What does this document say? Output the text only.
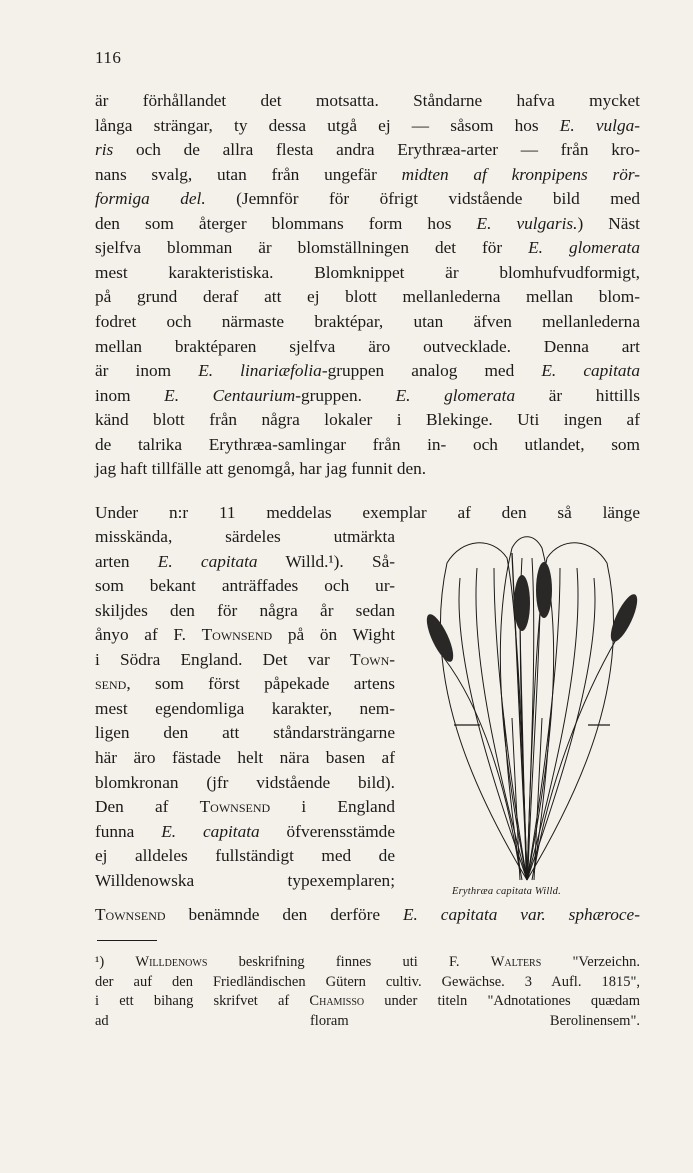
116
är förhållandet det motsatta. Ståndarne hafva mycket
långa strängar, ty dessa utgå ej — såsom hos E. vulga-
ris och de allra flesta andra Erythræa-arter — från kro-
nans svalg, utan från ungefär midten af kronpipens rör-
formiga del. (Jemnför för öfrigt vidstående bild med
den som återger blommans form hos E. vulgaris.) Näst
sjelfva blomman är blomställningen det för E. glomerata
mest karakteristiska. Blomknippet är blomhufvudformigt,
på grund deraf att ej blott mellanlederna mellan blom-
fodret och närmaste braktépar, utan äfven mellanlederna
mellan braktéparen sjelfva äro outvecklade. Denna art
är inom E. linariæfolia-gruppen analog med E. capitata
inom E. Centaurium-gruppen. E. glomerata är hittills
känd blott från några lokaler i Blekinge. Uti ingen af
de talrika Erythræa-samlingar från in- och utlandet, som
jag haft tillfälle att genomgå, har jag funnit den.
Under n:r 11 meddelas exemplar af den så länge
misskända, särdeles utmärkta
arten E. capitata Willd.¹). Så-
som bekant anträffades och ur-
skiljdes den för några år sedan
ånyo af F. Townsend på ön Wight
i Södra England. Det var Town-
send, som först påpekade artens
mest egendomliga karakter, nem-
ligen den att ståndarsträngarne
här äro fästade helt nära basen af
blomkronan (jfr vidstående bild).
Den af Townsend i England
funna E. capitata öfverensstämde
ej alldeles fullständigt med de
Willdenowska typexemplaren;
Townsend benämnde den derföre E. capitata var. sphæroce-
Erythræa capitata Willd.
¹) Willdenows beskrifning finnes uti F. Walters "Verzeichn.
der auf den Friedländischen Gütern cultiv. Gewächse. 3 Aufl. 1815",
i ett bihang skrifvet af Chamisso under titeln "Adnotationes quædam
ad floram Berolinensem".
